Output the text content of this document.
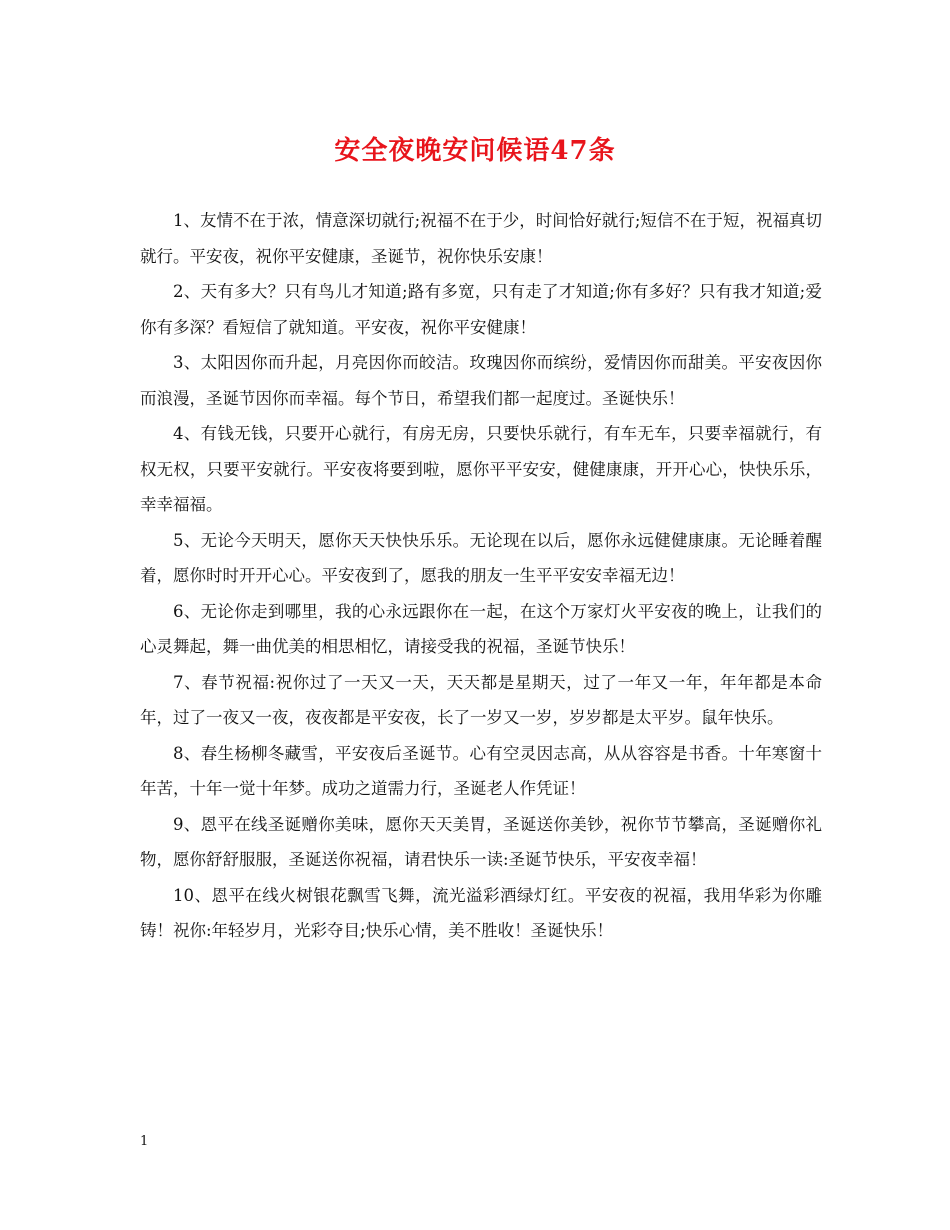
安全夜晚安问候语47条

1、友情不在于浓，情意深切就行;祝福不在于少，时间恰好就行;短信不在于短，祝福真切就行。平安夜，祝你平安健康，圣诞节，祝你快乐安康！

2、天有多大？只有鸟儿才知道;路有多宽，只有走了才知道;你有多好？只有我才知道;爱你有多深？看短信了就知道。平安夜，祝你平安健康！

3、太阳因你而升起，月亮因你而皎洁。玫瑰因你而缤纷，爱情因你而甜美。平安夜因你而浪漫，圣诞节因你而幸福。每个节日，希望我们都一起度过。圣诞快乐！

4、有钱无钱，只要开心就行，有房无房，只要快乐就行，有车无车，只要幸福就行，有权无权，只要平安就行。平安夜将要到啦，愿你平平安安，健健康康，开开心心，快快乐乐，幸幸福福。

5、无论今天明天，愿你天天快快乐乐。无论现在以后，愿你永远健健康康。无论睡着醒着，愿你时时开开心心。平安夜到了，愿我的朋友一生平平安安幸福无边！

6、无论你走到哪里，我的心永远跟你在一起，在这个万家灯火平安夜的晚上，让我们的心灵舞起，舞一曲优美的相思相忆，请接受我的祝福，圣诞节快乐！

7、春节祝福:祝你过了一天又一天，天天都是星期天，过了一年又一年，年年都是本命年，过了一夜又一夜，夜夜都是平安夜，长了一岁又一岁，岁岁都是太平岁。鼠年快乐。

8、春生杨柳冬藏雪，平安夜后圣诞节。心有空灵因志高，从从容容是书香。十年寒窗十年苦，十年一觉十年梦。成功之道需力行，圣诞老人作凭证！

9、恩平在线圣诞赠你美味，愿你天天美胃，圣诞送你美钞，祝你节节攀高，圣诞赠你礼物，愿你舒舒服服，圣诞送你祝福，请君快乐一读:圣诞节快乐，平安夜幸福！

10、恩平在线火树银花飘雪飞舞，流光溢彩酒绿灯红。平安夜的祝福，我用华彩为你雕铸！祝你:年轻岁月，光彩夺目;快乐心情，美不胜收！圣诞快乐！

1
